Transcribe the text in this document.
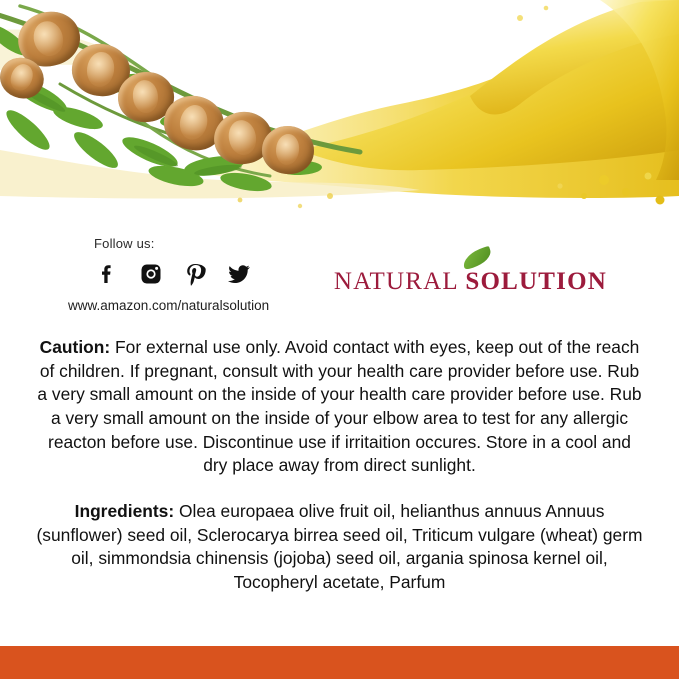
Follow us:
www.amazon.com/naturalsolution
NATURAL SOLUTION

Caution: For external use only. Avoid contact with eyes, keep out of the reach of children. If pregnant, consult with your health care provider before use. Rub a very small amount on the inside of your health care provider before use. Rub a very small amount on the inside of your elbow area to test for any allergic reacton before use. Discontinue use if irritaition occures. Store in a cool and dry place away from direct sunlight.

Ingredients: Olea europaea olive fruit oil, helianthus annuus Annuus (sunflower) seed oil, Sclerocarya birrea seed oil, Triticum vulgare (wheat) germ oil, simmondsia chinensis (jojoba) seed oil, argania spinosa kernel oil, Tocopheryl acetate, Parfum
